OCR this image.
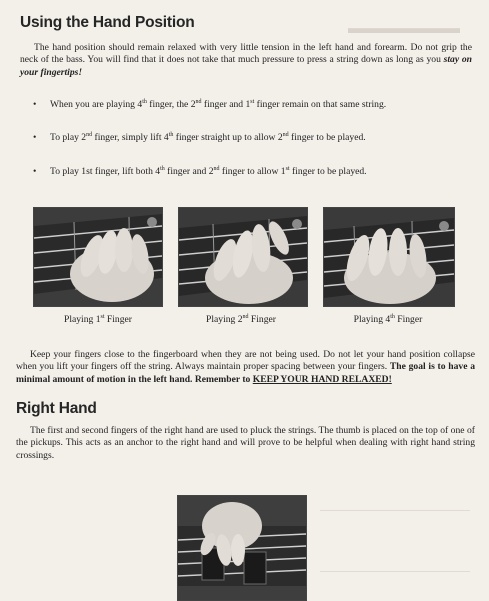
▬▬▬▬▬▬▬
Using the Hand Position

The hand position should remain relaxed with very little tension in the left hand and forearm. Do not grip the neck of the bass. You will find that it does not take that much pressure to press a string down as long as you stay on your fingertips!

• When you are playing 4th finger, the 2nd finger and 1st finger remain on that same string.

• To play 2nd finger, simply lift 4th finger straight up to allow 2nd finger to be played.

• To play 1st finger, lift both 4th finger and 2nd finger to allow 1st finger to be played.

Playing 1st Finger	Playing 2nd Finger	Playing 4th Finger

Keep your fingers close to the fingerboard when they are not being used. Do not let your hand position collapse when you lift your fingers off the string. Always maintain proper spacing between your fingers. The goal is to have a minimal amount of motion in the left hand. Remember to KEEP YOUR HAND RELAXED!

Right Hand

The first and second fingers of the right hand are used to pluck the strings. The thumb is placed on the top of one of the pickups. This acts as an anchor to the right hand and will prove to be helpful when dealing with right hand string crossings.
